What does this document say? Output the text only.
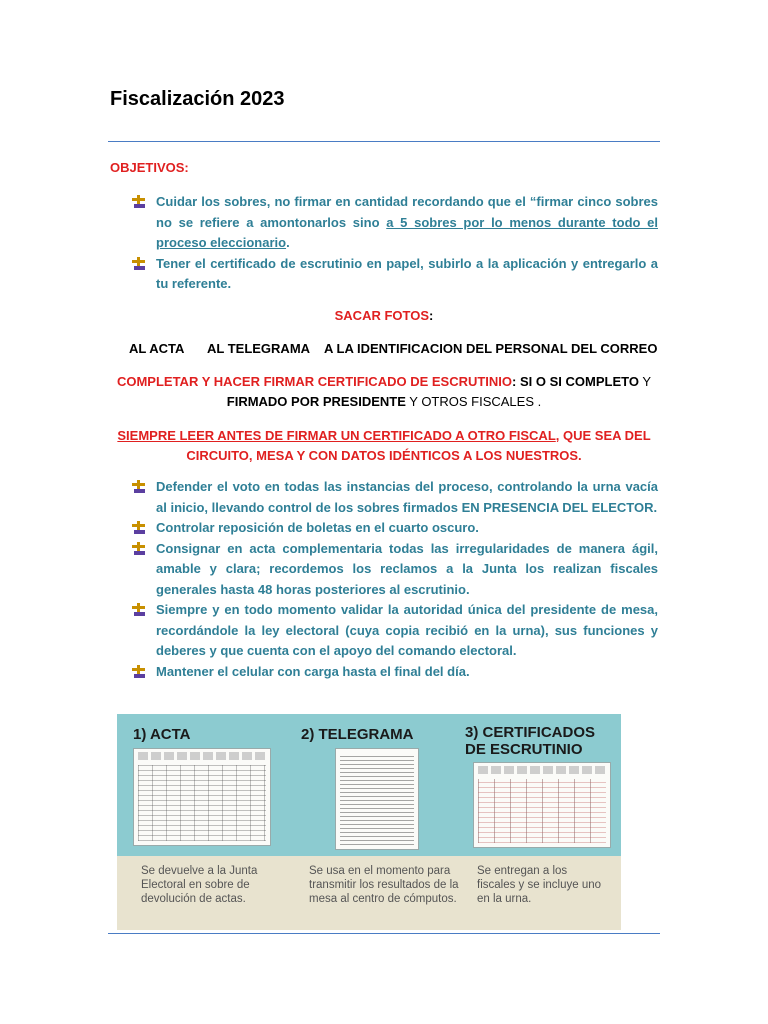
Fiscalización 2023
OBJETIVOS:
Cuidar los sobres, no firmar en cantidad recordando que el “firmar cinco sobres no se refiere a amontonarlos sino a 5 sobres por lo menos durante todo el proceso eleccionario.
Tener el certificado de escrutinio en papel, subirlo a la aplicación y entregarlo a tu referente.
SACAR FOTOS:
AL ACTA AL TELEGRAMA A LA IDENTIFICACION DEL PERSONAL DEL CORREO
COMPLETAR Y HACER FIRMAR CERTIFICADO DE ESCRUTINIO: SI O SI COMPLETO Y
FIRMADO POR PRESIDENTE Y OTROS FISCALES .
SIEMPRE LEER ANTES DE FIRMAR UN CERTIFICADO A OTRO FISCAL, QUE SEA DEL CIRCUITO, MESA Y CON DATOS IDÉNTICOS A LOS NUESTROS.
Defender el voto en todas las instancias del proceso, controlando la urna vacía al inicio, llevando control de los sobres firmados EN PRESENCIA DEL ELECTOR.
Controlar reposición de boletas en el cuarto oscuro.
Consignar en acta complementaria todas las irregularidades de manera ágil, amable y clara; recordemos los reclamos a la Junta los realizan fiscales generales hasta 48 horas posteriores al escrutinio.
Siempre y en todo momento validar la autoridad única del presidente de mesa, recordándole la ley electoral (cuya copia recibió en la urna), sus funciones y deberes y que cuenta con el apoyo del comando electoral.
Mantener el celular con carga hasta el final del día.
1) ACTA
Se devuelve a la Junta Electoral en sobre de devolución de actas.
2) TELEGRAMA
Se usa en el momento para transmitir los resultados de la mesa al centro de cómputos.
3) CERTIFICADOS
DE ESCRUTINIO
Se entregan a los fiscales y se incluye uno en la urna.
